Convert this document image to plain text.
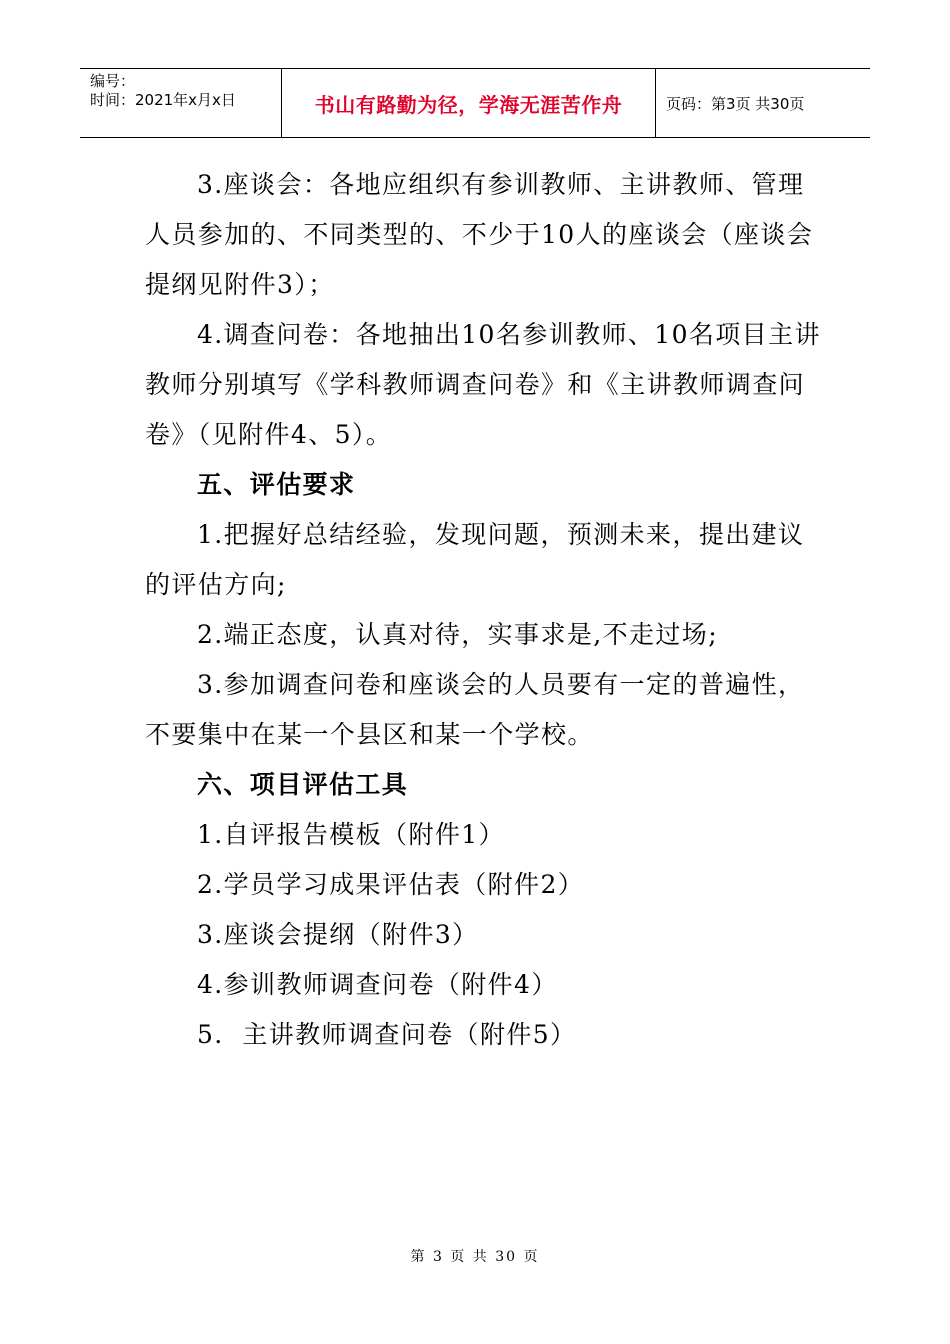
编号：
时间：2021年x月x日	书山有路勤为径，学海无涯苦作舟	页码：第3页 共30页

3.座谈会：各地应组织有参训教师、主讲教师、管理

人员参加的、不同类型的、不少于10人的座谈会（座谈会

提纲见附件3）；

4.调查问卷：各地抽出10名参训教师、10名项目主讲

教师分别填写《学科教师调查问卷》和《主讲教师调查问

卷》（见附件4、5）。

五、评估要求

1.把握好总结经验，发现问题，预测未来，提出建议

的评估方向;

2.端正态度，认真对待，实事求是,不走过场;

3.参加调查问卷和座谈会的人员要有一定的普遍性，

不要集中在某一个县区和某一个学校。

六、项目评估工具

1.自评报告模板（附件1）

2.学员学习成果评估表（附件2）

3.座谈会提纲（附件3）

4.参训教师调查问卷（附件4）

5.  主讲教师调查问卷（附件5）

第 3 页 共 30 页
